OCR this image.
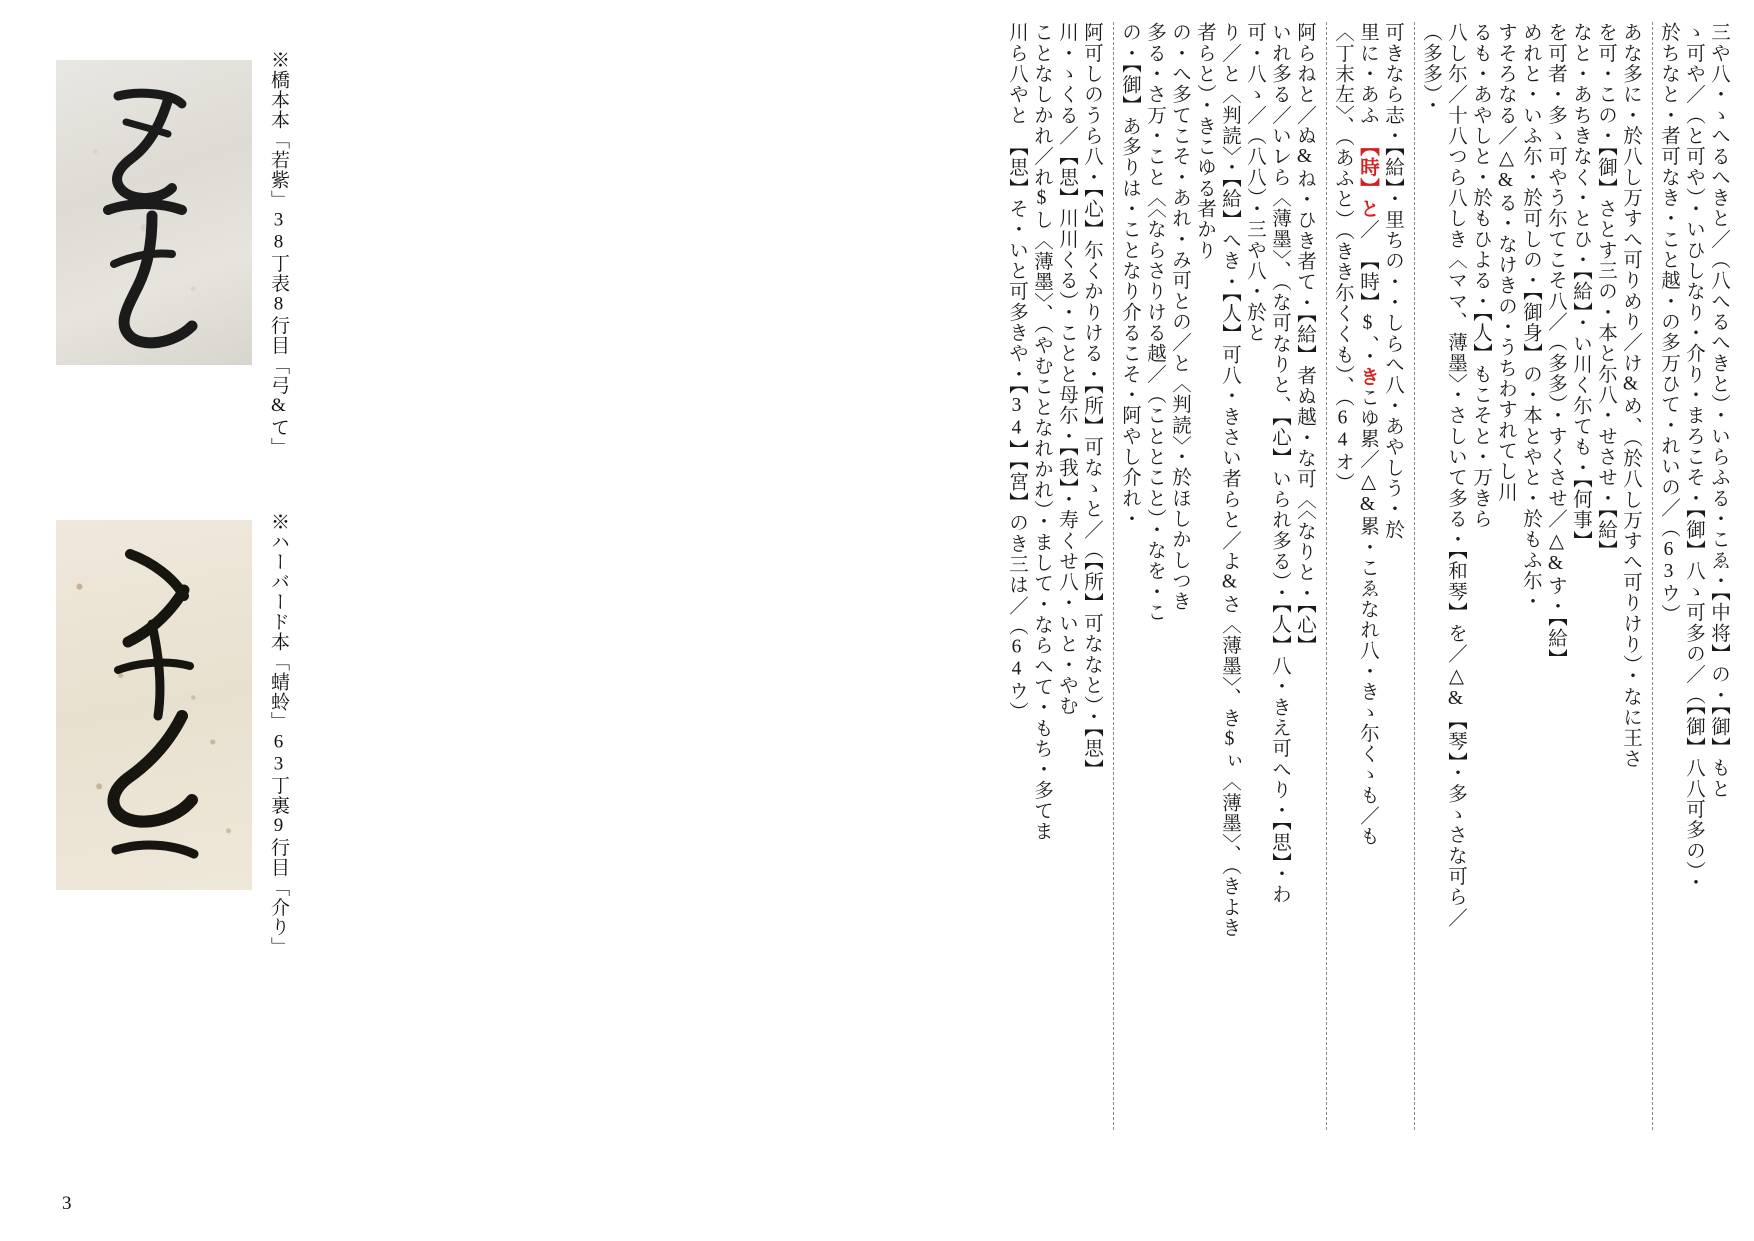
三や八・ゝへるへきと／（八へるへきと）・いらふる・こゑ・【中将】の・【御】もと
ゝ可や／（と可や）・いひしなり・介り・まろこそ・【御】八ゝ可多の／（【御】八八可多の）・
於ちなと・者可なき・こと越・の多万ひて・れいの／（63ウ）
あな多に・於八し万すへ可りめり／け&め、（於八し万すへ可りけり）・なに王さ
を可・この・【御】さとす三の・本と尓八・せさせ・【給】
なと・あちきなく・とひ・【給】・い川く尓ても・【何事】
を可者・多ゝ可やう尓てこそ八／（多多）・すくさせ／△&す・【給】
めれと・いふ尓・於可しの・【御身】の・本とやと・於もふ尓・
すそろなる／△&る・なけきの・うちわすれてし川
るも・あやしと・於もひよる・【人】もこそと・万きら
八し尓／十八つら八しき〈ママ、薄墨〉・さしいて多る・【和琴】を／△&【琴】・多ゝさな可ら／
（多多）・
可きなら志・【給】・里ちの・・しらへ八・あやしう・於
里に・あふ　【時】と／　【時】$、・きこゆ累／△&累・こゑなれ八・きゝ尓くゝも／も
〈丁末左〉、（あふと）（きき尓くくも）、（64オ）
阿らねと／ぬ&ね・ひき者て・【給】者ぬ越・な可〈〈なりと・【心】
いれ多る／い㆑ら〈薄墨〉、（な可なりと、【心】いられ多る）・【人】八・きえ可へり・【思】・わ
可・八ゝ／（八八）・三や八・於と
り／と〈判読〉・【給】へき・【人】可八・きさい者らと／よ&さ〈薄墨〉、き$ぃ〈薄墨〉、（きよき
者らと）・きこゆる者かり
の・へ多てこそ・あれ・み可との／と〈判読〉・於ほしかしつき
多る・さ万・こと〈〈ならさりける越／（こととこと）・なを・こ
の・【御】あ多りは・ことなり介るこそ・阿やし介れ・
阿可しのうら八・【心】尓くかりける・【所】可なゝと／（【所】可ななと）・【思】
川・ゝくる／【思】川川くる）・ことと母尓・【我】・寿くせ八・いと・やむ
ことなしかれ／れ$し〈薄墨〉、（やむことなれかれ）・まして・ならへて・もち・多てま
川ら八やと　【思】そ・いと可多きや・【34】【宮】のき三は／（64ウ）
※橋本本「若紫」38丁表8行目「弓&て」
※ハーバード本「蜻蛉」63丁裏9行目「介り」
3
